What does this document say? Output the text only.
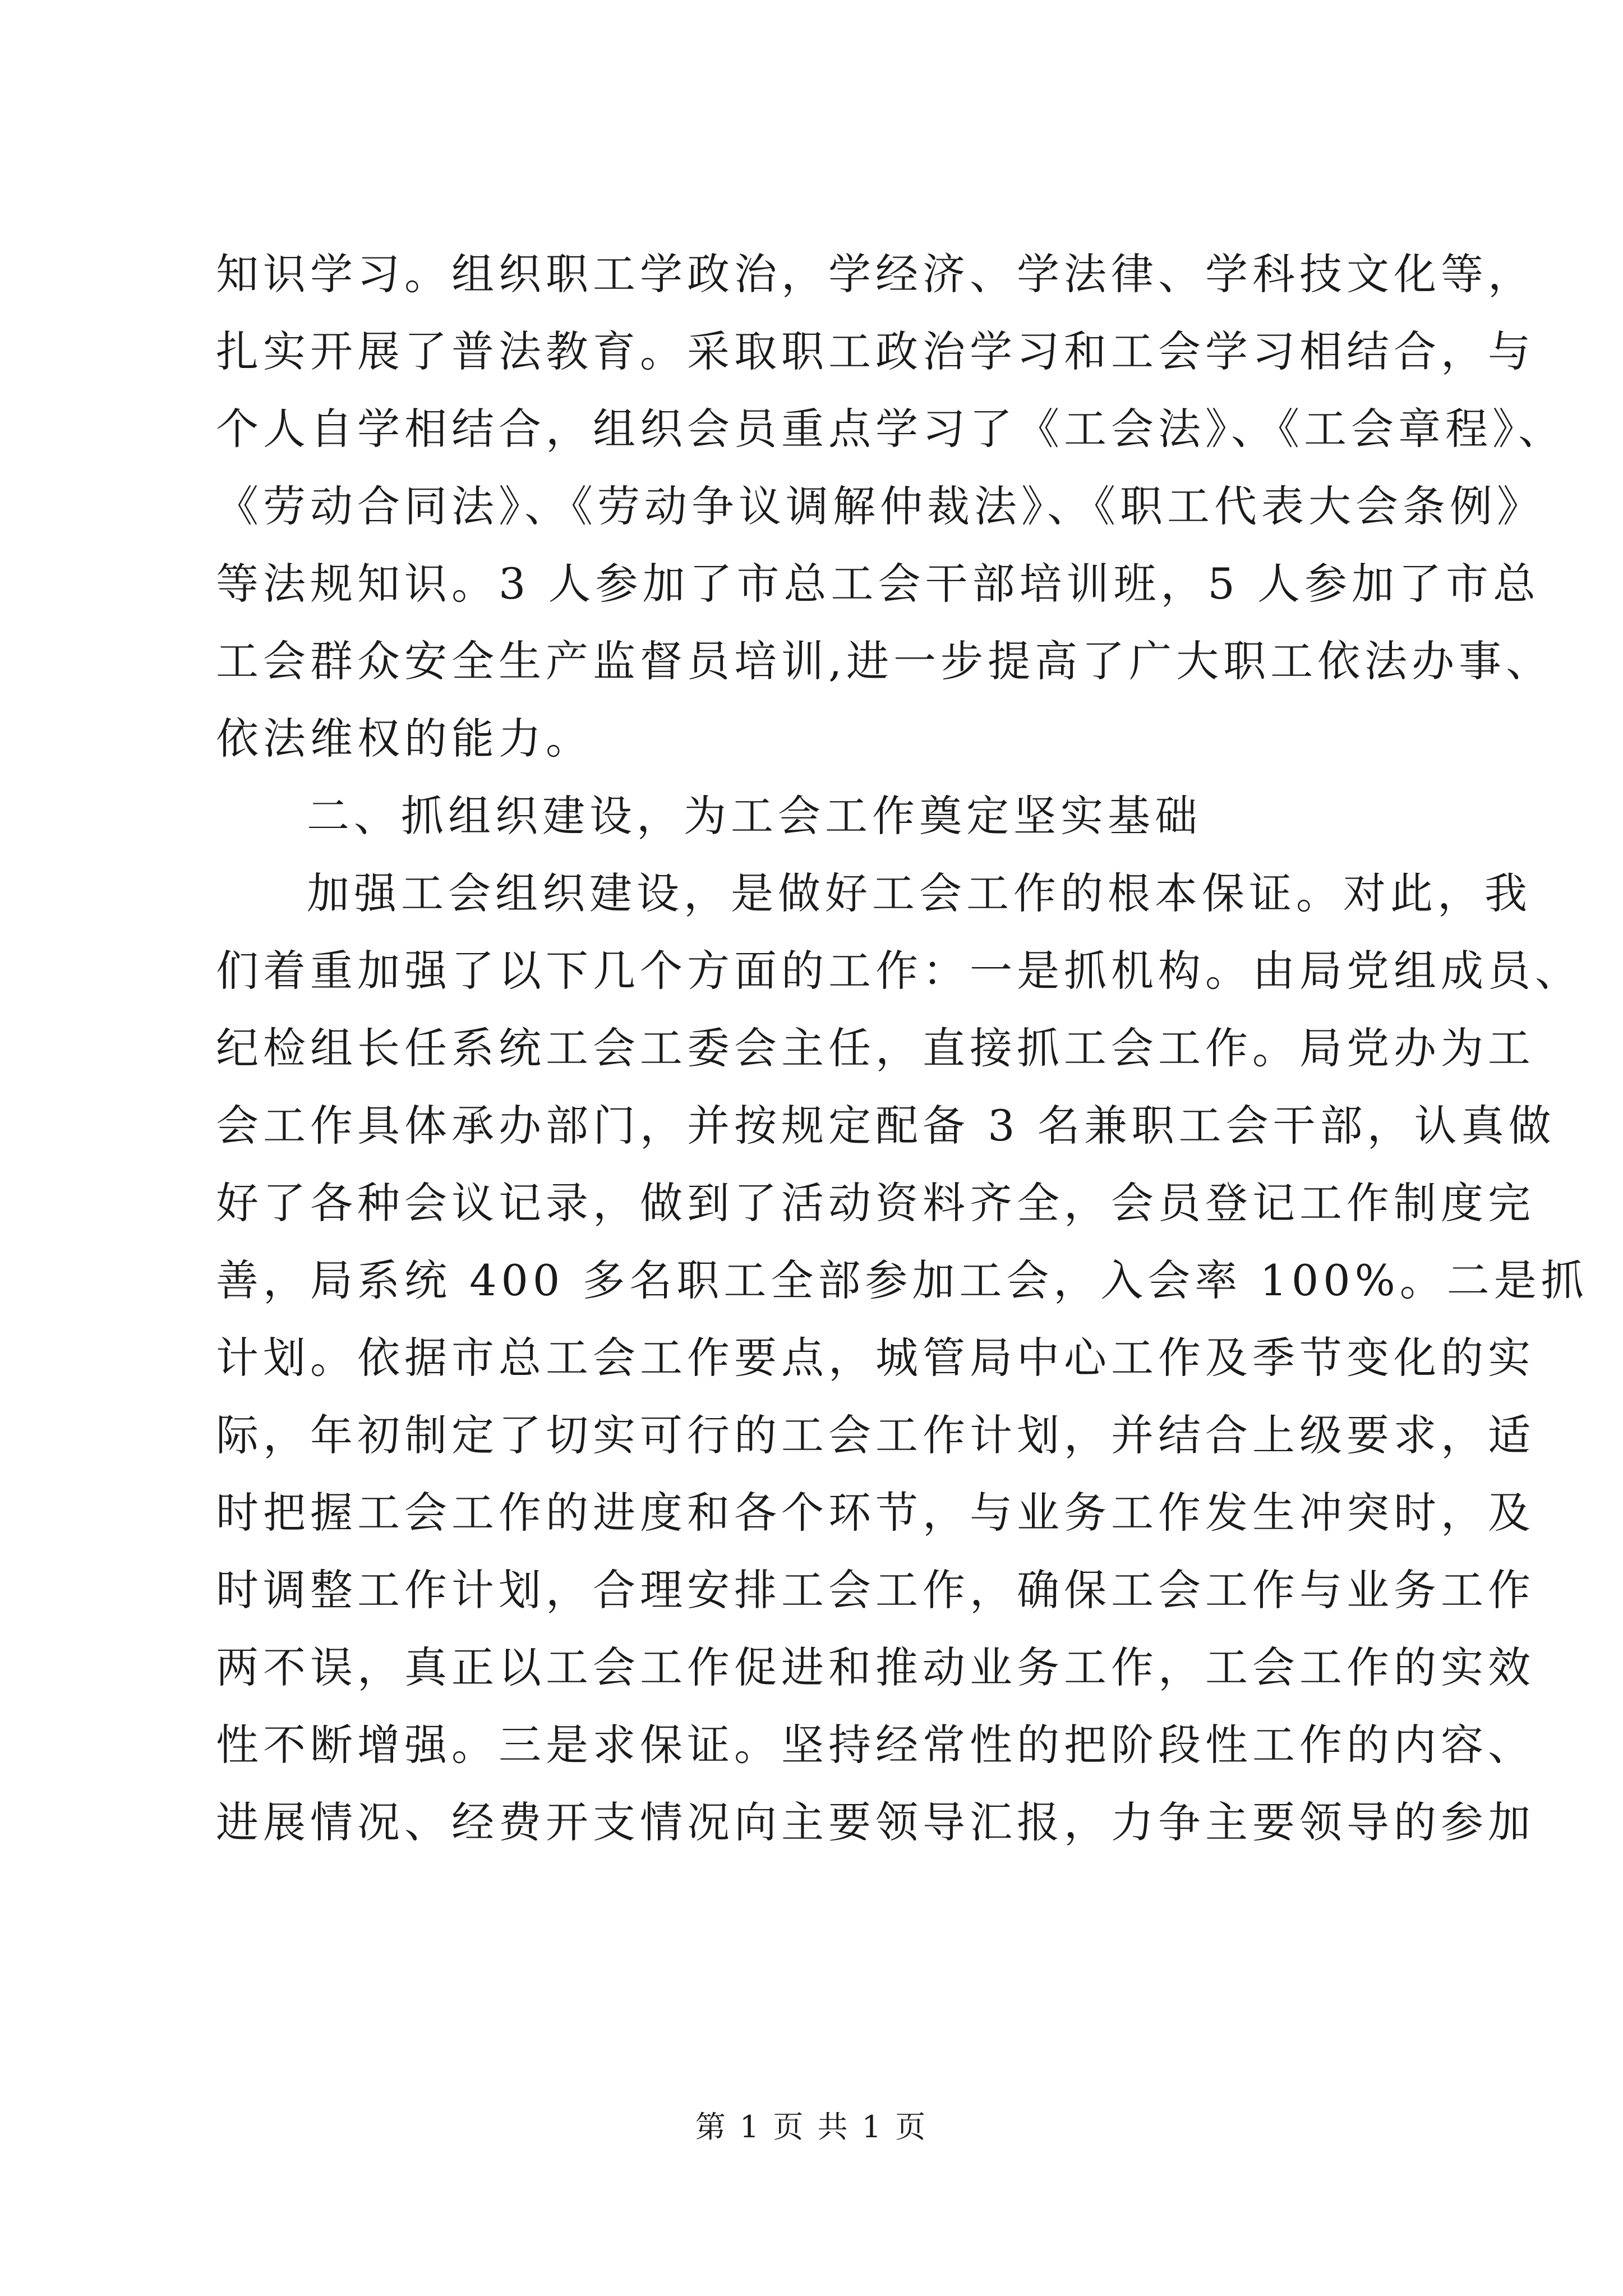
知识学习。组织职工学政治，学经济、学法律、学科技文化等，

扎实开展了普法教育。采取职工政治学习和工会学习相结合，与

个人自学相结合，组织会员重点学习了《工会法》、《工会章程》、

《劳动合同法》、《劳动争议调解仲裁法》、《职工代表大会条例》

等法规知识。3 人参加了市总工会干部培训班，5 人参加了市总

工会群众安全生产监督员培训,进一步提高了广大职工依法办事、

依法维权的能力。

二、抓组织建设，为工会工作奠定坚实基础

加强工会组织建设，是做好工会工作的根本保证。对此，我

们着重加强了以下几个方面的工作：一是抓机构。由局党组成员、

纪检组长任系统工会工委会主任，直接抓工会工作。局党办为工

会工作具体承办部门，并按规定配备 3 名兼职工会干部，认真做

好了各种会议记录，做到了活动资料齐全，会员登记工作制度完

善，局系统 400 多名职工全部参加工会，入会率 100%。二是抓

计划。依据市总工会工作要点，城管局中心工作及季节变化的实

际，年初制定了切实可行的工会工作计划，并结合上级要求，适

时把握工会工作的进度和各个环节，与业务工作发生冲突时，及

时调整工作计划，合理安排工会工作，确保工会工作与业务工作

两不误，真正以工会工作促进和推动业务工作，工会工作的实效

性不断增强。三是求保证。坚持经常性的把阶段性工作的内容、

进展情况、经费开支情况向主要领导汇报，力争主要领导的参加

第 1 页 共 1 页
